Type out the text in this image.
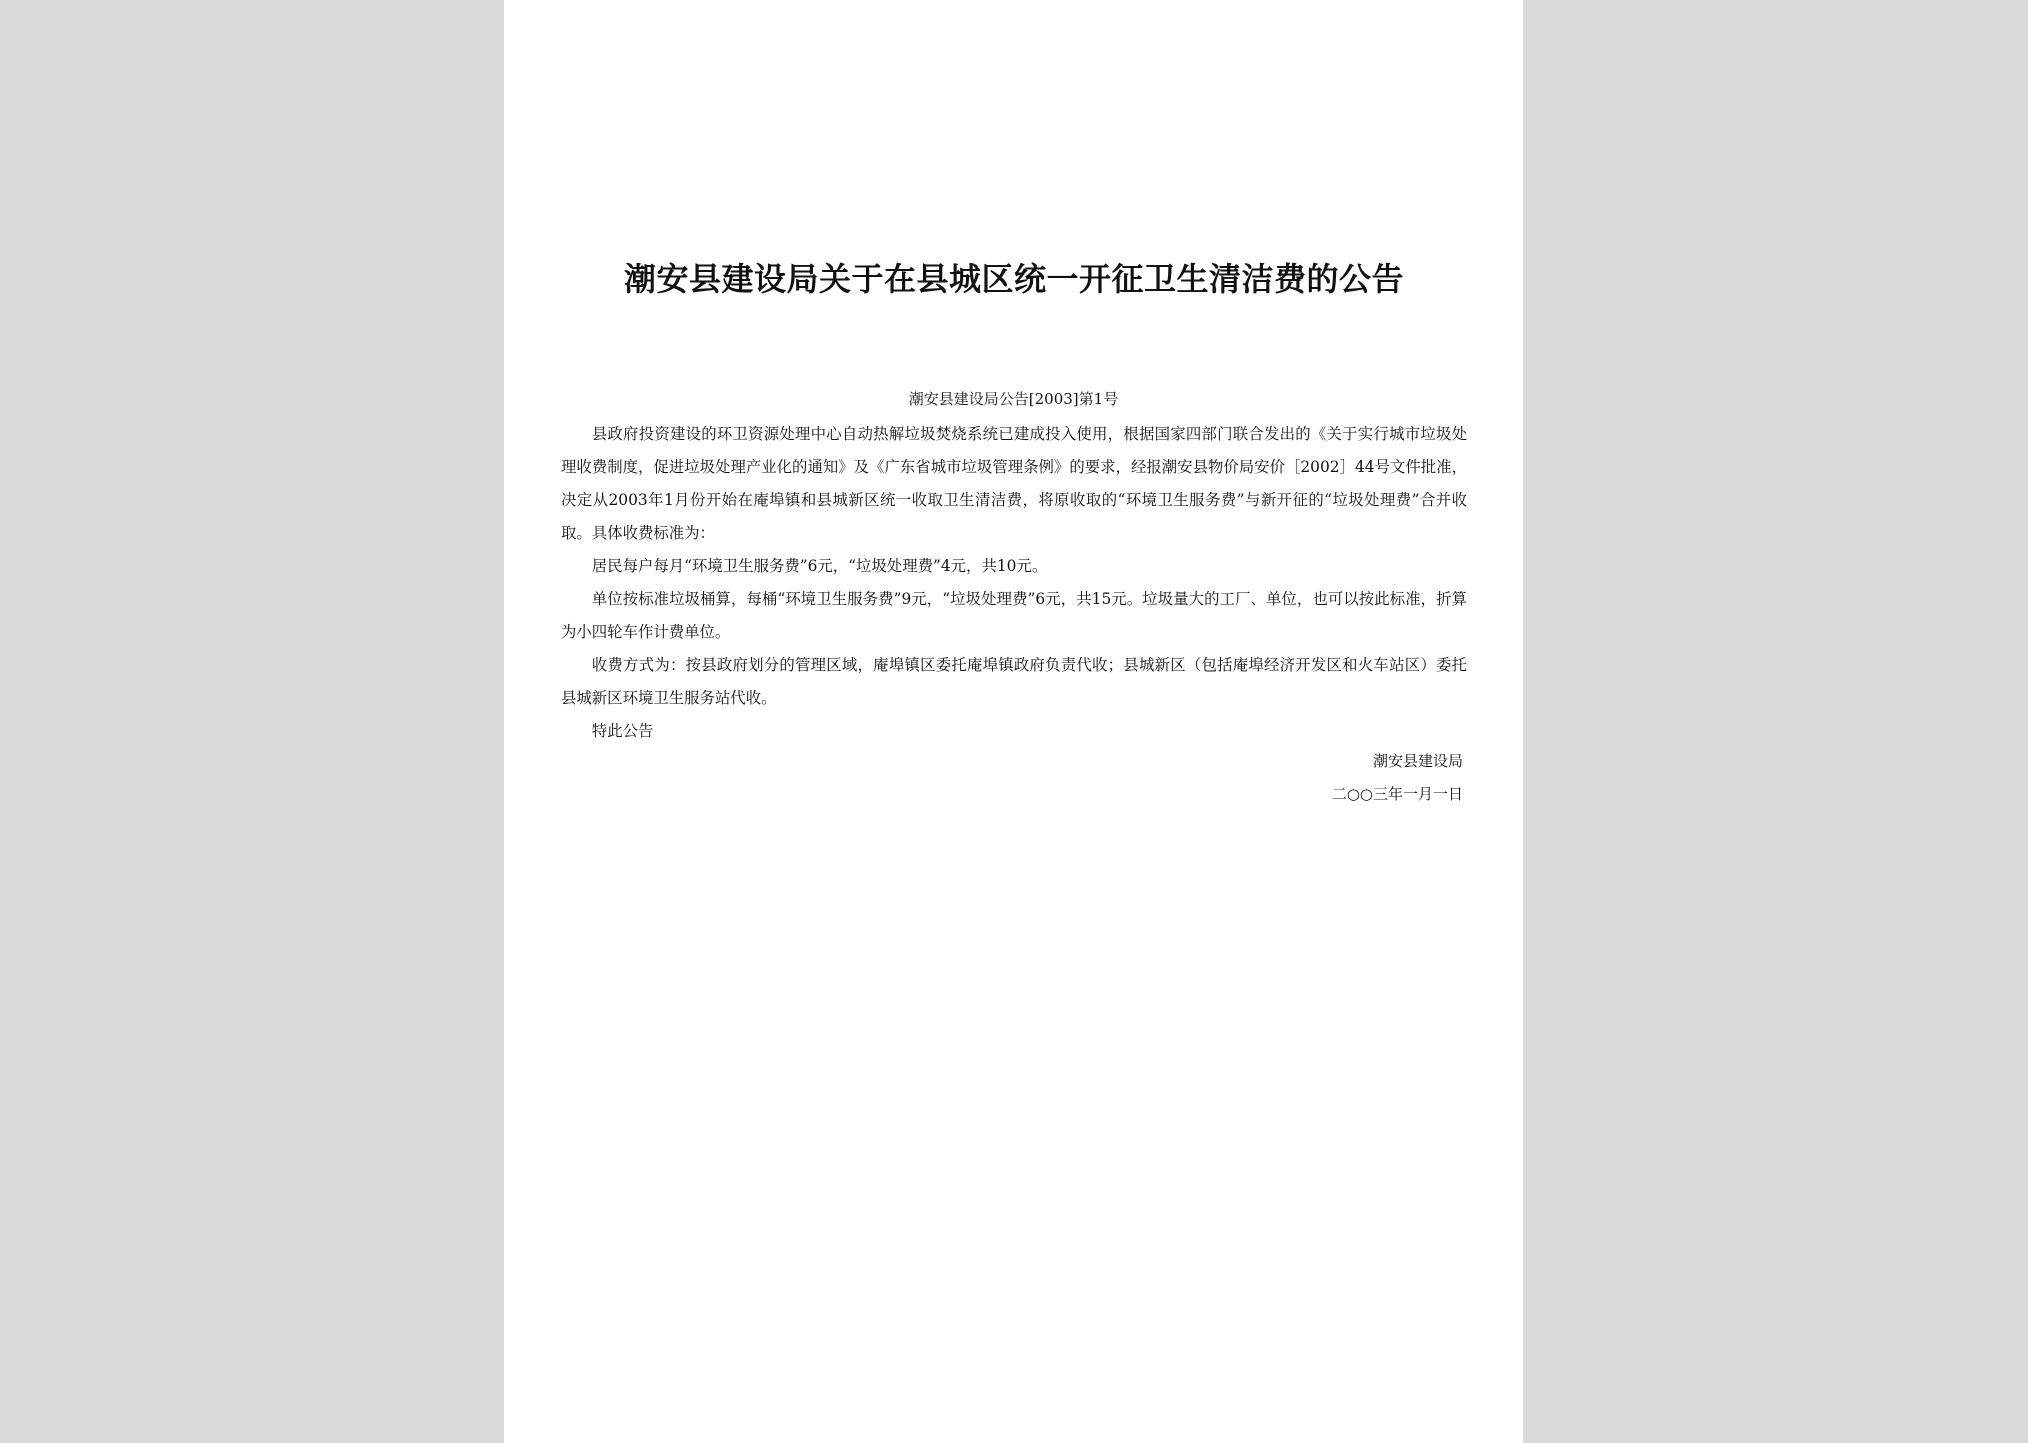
潮安县建设局关于在县城区统一开征卫生清洁费的公告
潮安县建设局公告[2003]第1号

县政府投资建设的环卫资源处理中心自动热解垃圾焚烧系统已建成投入使用，根据国家四部门联合发出的《关于实行城市垃圾处理收费制度，促进垃圾处理产业化的通知》及《广东省城市垃圾管理条例》的要求，经报潮安县物价局安价［2002］44号文件批准，决定从2003年1月份开始在庵埠镇和县城新区统一收取卫生清洁费，将原收取的“环境卫生服务费”与新开征的“垃圾处理费”合并收取。具体收费标准为：

居民每户每月“环境卫生服务费”6元，“垃圾处理费”4元，共10元。

单位按标准垃圾桶算，每桶“环境卫生服务费”9元，“垃圾处理费”6元，共15元。垃圾量大的工厂、单位，也可以按此标准，折算为小四轮车作计费单位。

收费方式为：按县政府划分的管理区域，庵埠镇区委托庵埠镇政府负责代收；县城新区（包括庵埠经济开发区和火车站区）委托县城新区环境卫生服务站代收。

特此公告

潮安县建设局
二○○三年一月一日
